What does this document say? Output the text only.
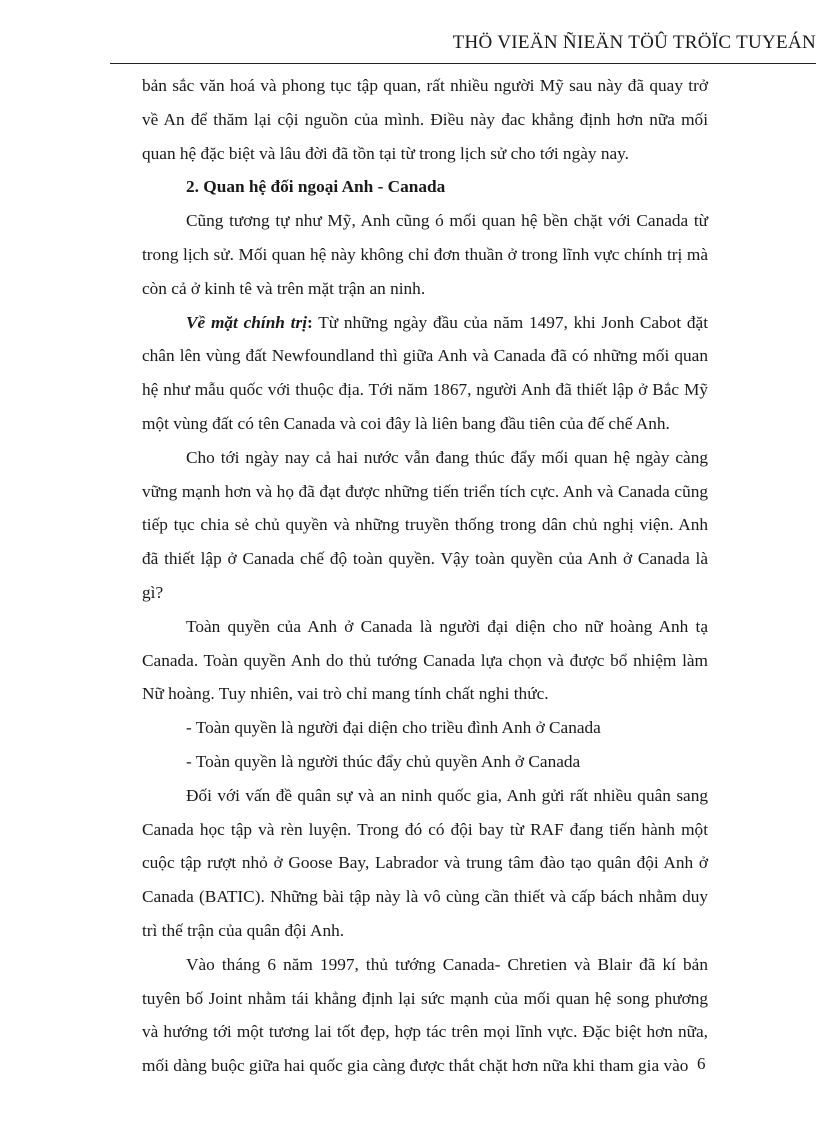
THÖ VIEÄN ÑIEÄN TÖÛ TRÖÏC TUYEÁN

bản sắc văn hoá và phong tục tập quan, rất nhiều người Mỹ sau này đã quay trở về An để thăm lại cội nguồn của mình. Điều này đac khẳng định hơn nữa mối quan hệ đặc biệt và lâu đời đã tồn tại từ trong lịch sử cho tới ngày nay.

2. Quan hệ đối ngoại Anh - Canada

Cũng tương tự như Mỹ, Anh cũng ó mối quan hệ bền chặt với Canada từ trong lịch sử. Mối quan hệ này không chỉ đơn thuần ở trong lĩnh vực chính trị mà còn cả ở kinh tê và trên mặt trận an ninh.

Về mặt chính trị: Từ những ngày đầu của năm 1497, khi Jonh Cabot đặt chân lên vùng đất Newfoundland thì giữa Anh và Canada đã có những mối quan hệ như mẫu quốc với thuộc địa. Tới năm 1867, người Anh đã thiết lập ở Bắc Mỹ một vùng đất có tên Canada và coi đây là liên bang đầu tiên của đế chế Anh.

Cho tới ngày nay cả hai nước vẫn đang thúc đẩy mối quan hệ ngày càng vững mạnh hơn và họ đã đạt được những tiến triển tích cực. Anh và Canada cũng tiếp tục chia sẻ chủ quyền và những truyền thống trong dân chủ nghị viện. Anh đã thiết lập ở Canada chế độ toàn quyền. Vậy toàn quyền của Anh ở Canada là gì?

Toàn quyền của Anh ở Canada là người đại diện cho nữ hoàng Anh tạ Canada. Toàn quyền Anh do thủ tướng Canada lựa chọn và được bổ nhiệm làm Nữ hoàng. Tuy nhiên, vai trò chỉ mang tính chất nghi thức.

- Toàn quyền là người đại diện cho triều đình Anh ở Canada

- Toàn quyền là người thúc đẩy chủ quyền Anh ở Canada

Đối với vấn đề quân sự và an ninh quốc gia, Anh gửi rất nhiều quân sang Canada học tập và rèn luyện. Trong đó có đội bay từ RAF đang tiến hành một cuộc tập rượt nhỏ ở Goose Bay, Labrador và trung tâm đào tạo quân đội Anh ở Canada (BATIC). Những bài tập này là vô cùng cần thiết và cấp bách nhằm duy trì thế trận của quân đội Anh.

Vào tháng 6 năm 1997, thủ tướng Canada- Chretien và Blair đã kí bản tuyên bố Joint nhằm tái khẳng định lại sức mạnh của mối quan hệ song phương và hướng tới một tương lai tốt đẹp, hợp tác trên mọi lĩnh vực. Đặc biệt hơn nữa, mối dàng buộc giữa hai quốc gia càng được thắt chặt hơn nữa khi tham gia vào 6
